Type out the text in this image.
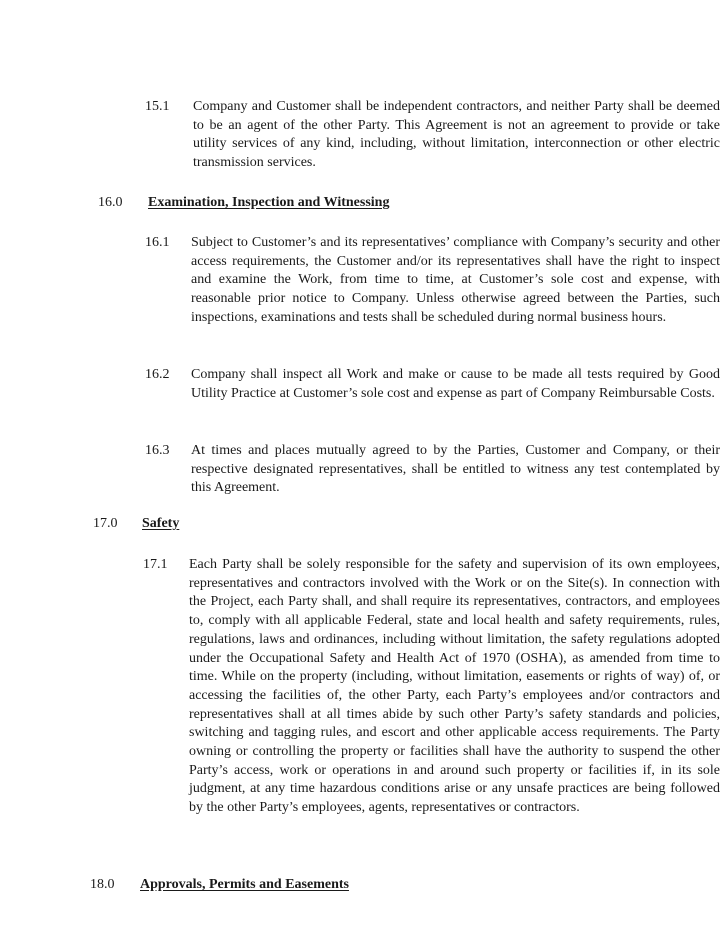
15.1 Company and Customer shall be independent contractors, and neither Party shall be deemed to be an agent of the other Party. This Agreement is not an agreement to provide or take utility services of any kind, including, without limitation, interconnection or other electric transmission services.
16.0 Examination, Inspection and Witnessing
16.1 Subject to Customer’s and its representatives’ compliance with Company’s security and other access requirements, the Customer and/or its representatives shall have the right to inspect and examine the Work, from time to time, at Customer’s sole cost and expense, with reasonable prior notice to Company. Unless otherwise agreed between the Parties, such inspections, examinations and tests shall be scheduled during normal business hours.
16.2 Company shall inspect all Work and make or cause to be made all tests required by Good Utility Practice at Customer’s sole cost and expense as part of Company Reimbursable Costs.
16.3 At times and places mutually agreed to by the Parties, Customer and Company, or their respective designated representatives, shall be entitled to witness any test contemplated by this Agreement.
17.0 Safety
17.1 Each Party shall be solely responsible for the safety and supervision of its own employees, representatives and contractors involved with the Work or on the Site(s). In connection with the Project, each Party shall, and shall require its representatives, contractors, and employees to, comply with all applicable Federal, state and local health and safety requirements, rules, regulations, laws and ordinances, including without limitation, the safety regulations adopted under the Occupational Safety and Health Act of 1970 (OSHA), as amended from time to time. While on the property (including, without limitation, easements or rights of way) of, or accessing the facilities of, the other Party, each Party’s employees and/or contractors and representatives shall at all times abide by such other Party’s safety standards and policies, switching and tagging rules, and escort and other applicable access requirements. The Party owning or controlling the property or facilities shall have the authority to suspend the other Party’s access, work or operations in and around such property or facilities if, in its sole judgment, at any time hazardous conditions arise or any unsafe practices are being followed by the other Party’s employees, agents, representatives or contractors.
18.0 Approvals, Permits and Easements
